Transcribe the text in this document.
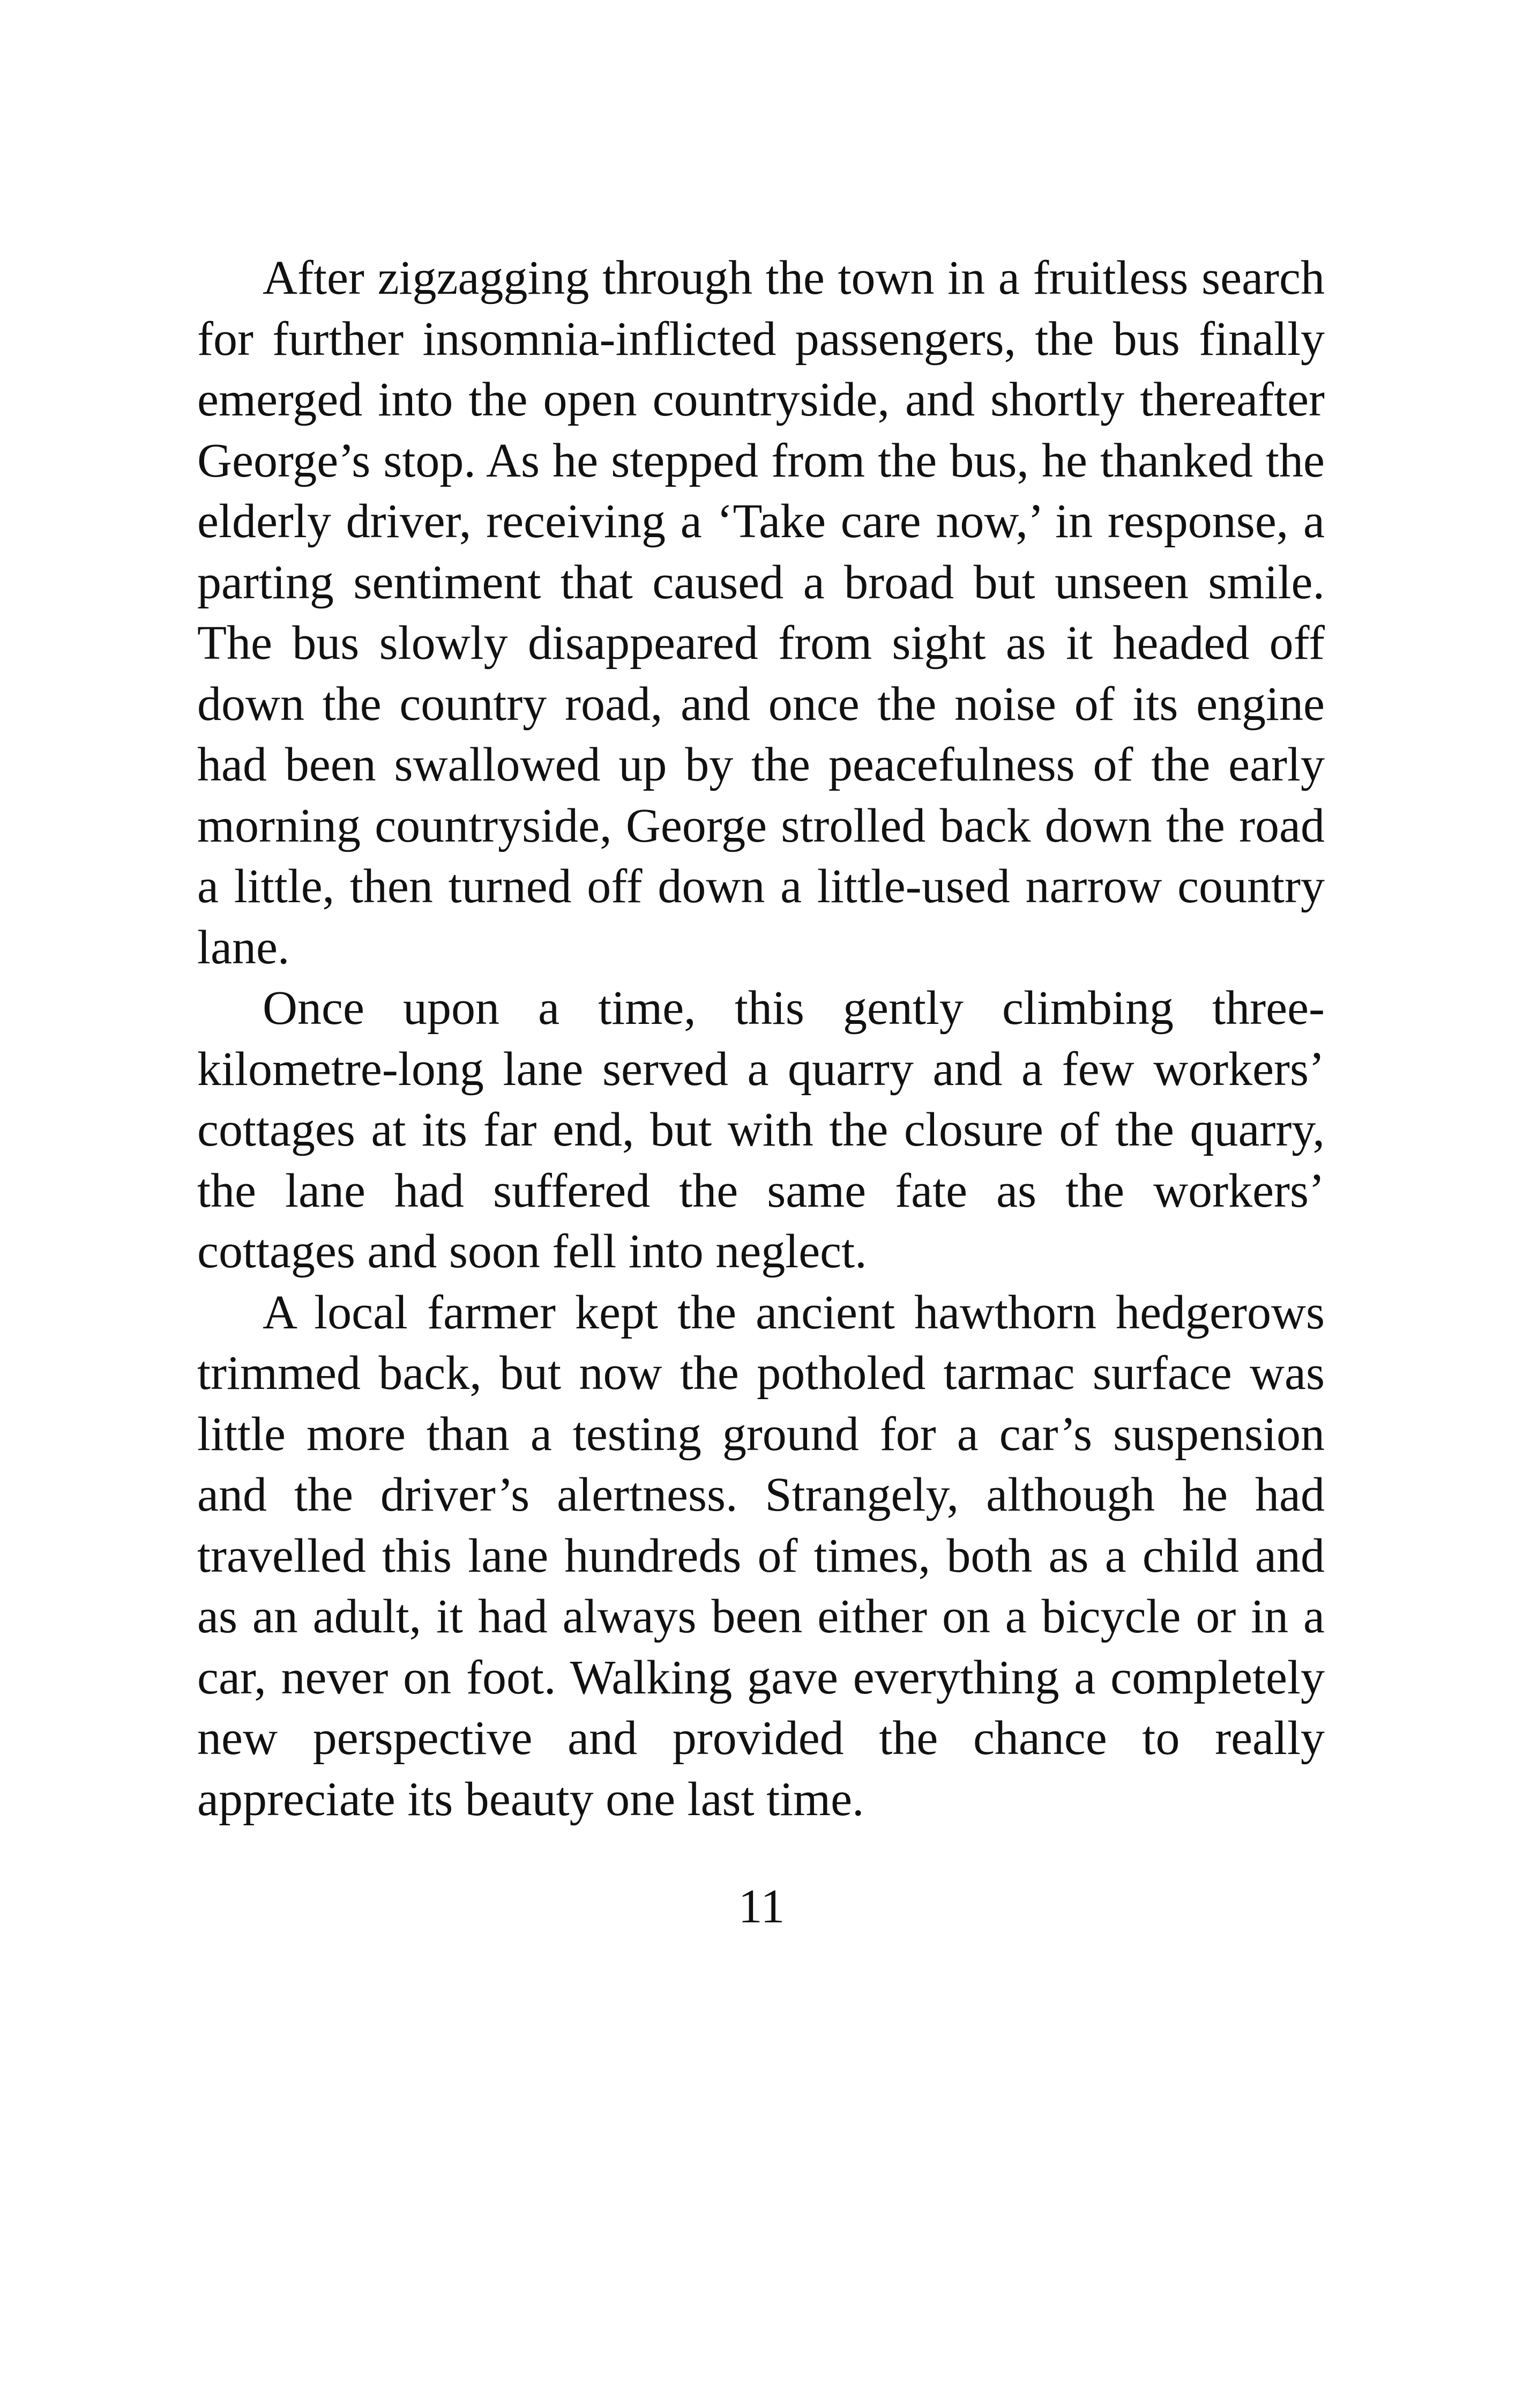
After zigzagging through the town in a fruitless search for further insomnia-inflicted passengers, the bus finally emerged into the open countryside, and shortly thereafter George’s stop. As he stepped from the bus, he thanked the elderly driver, receiving a ‘Take care now,’ in response, a parting sentiment that caused a broad but unseen smile. The bus slowly disappeared from sight as it headed off down the country road, and once the noise of its engine had been swallowed up by the peacefulness of the early morning countryside, George strolled back down the road a little, then turned off down a little-used narrow country lane.

Once upon a time, this gently climbing three-kilometre-long lane served a quarry and a few workers’ cottages at its far end, but with the closure of the quarry, the lane had suffered the same fate as the workers’ cottages and soon fell into neglect.

A local farmer kept the ancient hawthorn hedgerows trimmed back, but now the potholed tarmac surface was little more than a testing ground for a car’s suspension and the driver’s alertness. Strangely, although he had travelled this lane hundreds of times, both as a child and as an adult, it had always been either on a bicycle or in a car, never on foot. Walking gave everything a completely new perspective and provided the chance to really appreciate its beauty one last time.

11
